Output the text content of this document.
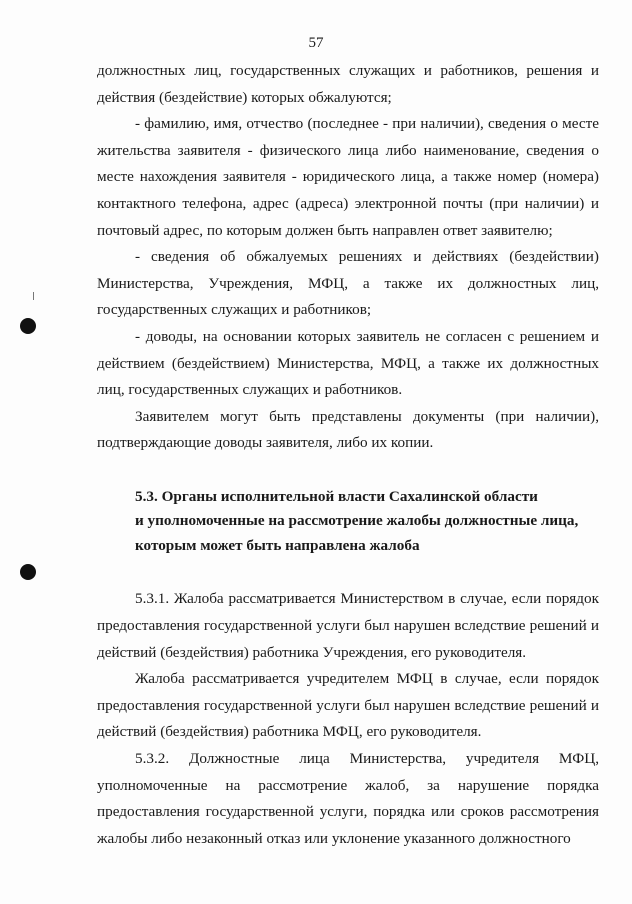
57

должностных лиц, государственных служащих и работников, решения и действия (бездействие) которых обжалуются;

- фамилию, имя, отчество (последнее - при наличии), сведения о месте жительства заявителя - физического лица либо наименование, сведения о месте нахождения заявителя - юридического лица, а также номер (номера) контактного телефона, адрес (адреса) электронной почты (при наличии) и почтовый адрес, по которым должен быть направлен ответ заявителю;

- сведения об обжалуемых решениях и действиях (бездействии) Министерства, Учреждения, МФЦ, а также их должностных лиц, государственных служащих и работников;

- доводы, на основании которых заявитель не согласен с решением и действием (бездействием) Министерства, МФЦ, а также их должностных лиц, государственных служащих и работников.

Заявителем могут быть представлены документы (при наличии), подтверждающие доводы заявителя, либо их копии.

5.3. Органы исполнительной власти Сахалинской области
и уполномоченные на рассмотрение жалобы должностные лица,
которым может быть направлена жалоба

5.3.1. Жалоба рассматривается Министерством в случае, если порядок предоставления государственной услуги был нарушен вследствие решений и действий (бездействия) работника Учреждения, его руководителя.

Жалоба рассматривается учредителем МФЦ в случае, если порядок предоставления государственной услуги был нарушен вследствие решений и действий (бездействия) работника МФЦ, его руководителя.

5.3.2. Должностные лица Министерства, учредителя МФЦ, уполномоченные на рассмотрение жалоб, за нарушение порядка предоставления государственной услуги, порядка или сроков рассмотрения жалобы либо незаконный отказ или уклонение указанного должностного
